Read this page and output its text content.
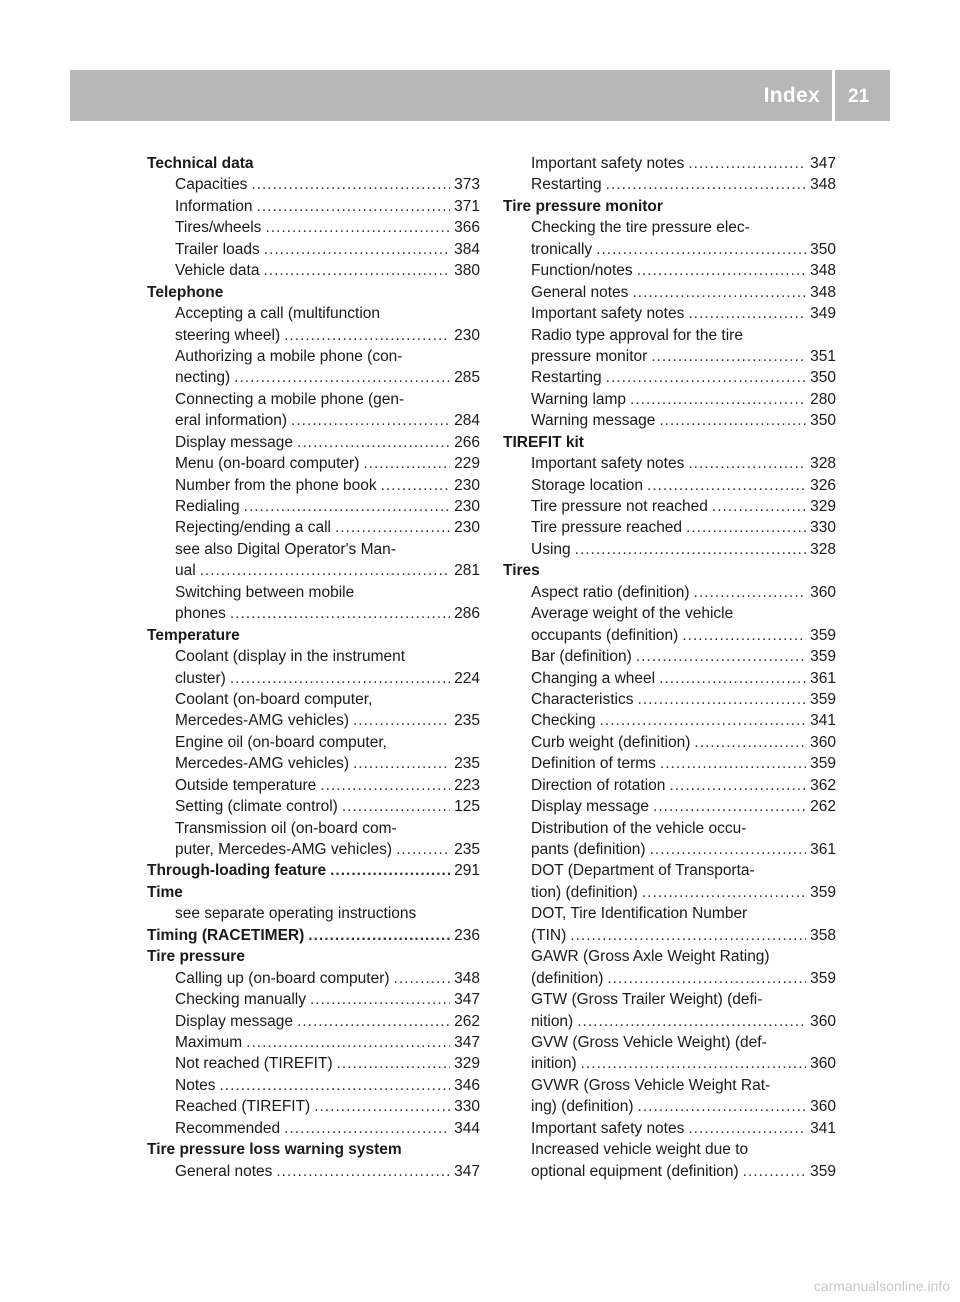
Index 21
Technical data
Capacities .....	373
Information .....	371
Tires/wheels .....	366
Trailer loads .....	384
Vehicle data .....	380
Telephone
Accepting a call (multifunction
steering wheel) .....	230
Authorizing a mobile phone (con-
necting) .....	285
Connecting a mobile phone (gen-
eral information) .....	284
Display message .....	266
Menu (on-board computer) .....	229
Number from the phone book .....	230
Redialing .....	230
Rejecting/ending a call .....	230
see also Digital Operator's Man-
ual .....	281
Switching between mobile
phones .....	286
Temperature
Coolant (display in the instrument
cluster) .....	224
Coolant (on-board computer,
Mercedes-AMG vehicles) .....	235
Engine oil (on-board computer,
Mercedes-AMG vehicles) .....	235
Outside temperature .....	223
Setting (climate control) .....	125
Transmission oil (on-board com-
puter, Mercedes-AMG vehicles) .....	235
Through-loading feature .....	291
Time
see separate operating instructions
Timing (RACETIMER) .....	236
Tire pressure
Calling up (on-board computer) .....	348
Checking manually .....	347
Display message .....	262
Maximum .....	347
Not reached (TIREFIT) .....	329
Notes .....	346
Reached (TIREFIT) .....	330
Recommended .....	344
Tire pressure loss warning system
General notes .....	347
Important safety notes .....	347
Restarting .....	348
Tire pressure monitor
Checking the tire pressure elec-
tronically .....	350
Function/notes .....	348
General notes .....	348
Important safety notes .....	349
Radio type approval for the tire
pressure monitor .....	351
Restarting .....	350
Warning lamp .....	280
Warning message .....	350
TIREFIT kit
Important safety notes .....	328
Storage location .....	326
Tire pressure not reached .....	329
Tire pressure reached .....	330
Using .....	328
Tires
Aspect ratio (definition) .....	360
Average weight of the vehicle
occupants (definition) .....	359
Bar (definition) .....	359
Changing a wheel .....	361
Characteristics .....	359
Checking .....	341
Curb weight (definition) .....	360
Definition of terms .....	359
Direction of rotation .....	362
Display message .....	262
Distribution of the vehicle occu-
pants (definition) .....	361
DOT (Department of Transporta-
tion) (definition) .....	359
DOT, Tire Identification Number
(TIN) .....	358
GAWR (Gross Axle Weight Rating)
(definition) .....	359
GTW (Gross Trailer Weight) (defi-
nition) .....	360
GVW (Gross Vehicle Weight) (def-
inition) .....	360
GVWR (Gross Vehicle Weight Rat-
ing) (definition) .....	360
Important safety notes .....	341
Increased vehicle weight due to
optional equipment (definition) .....	359
carmanualsonline.info
